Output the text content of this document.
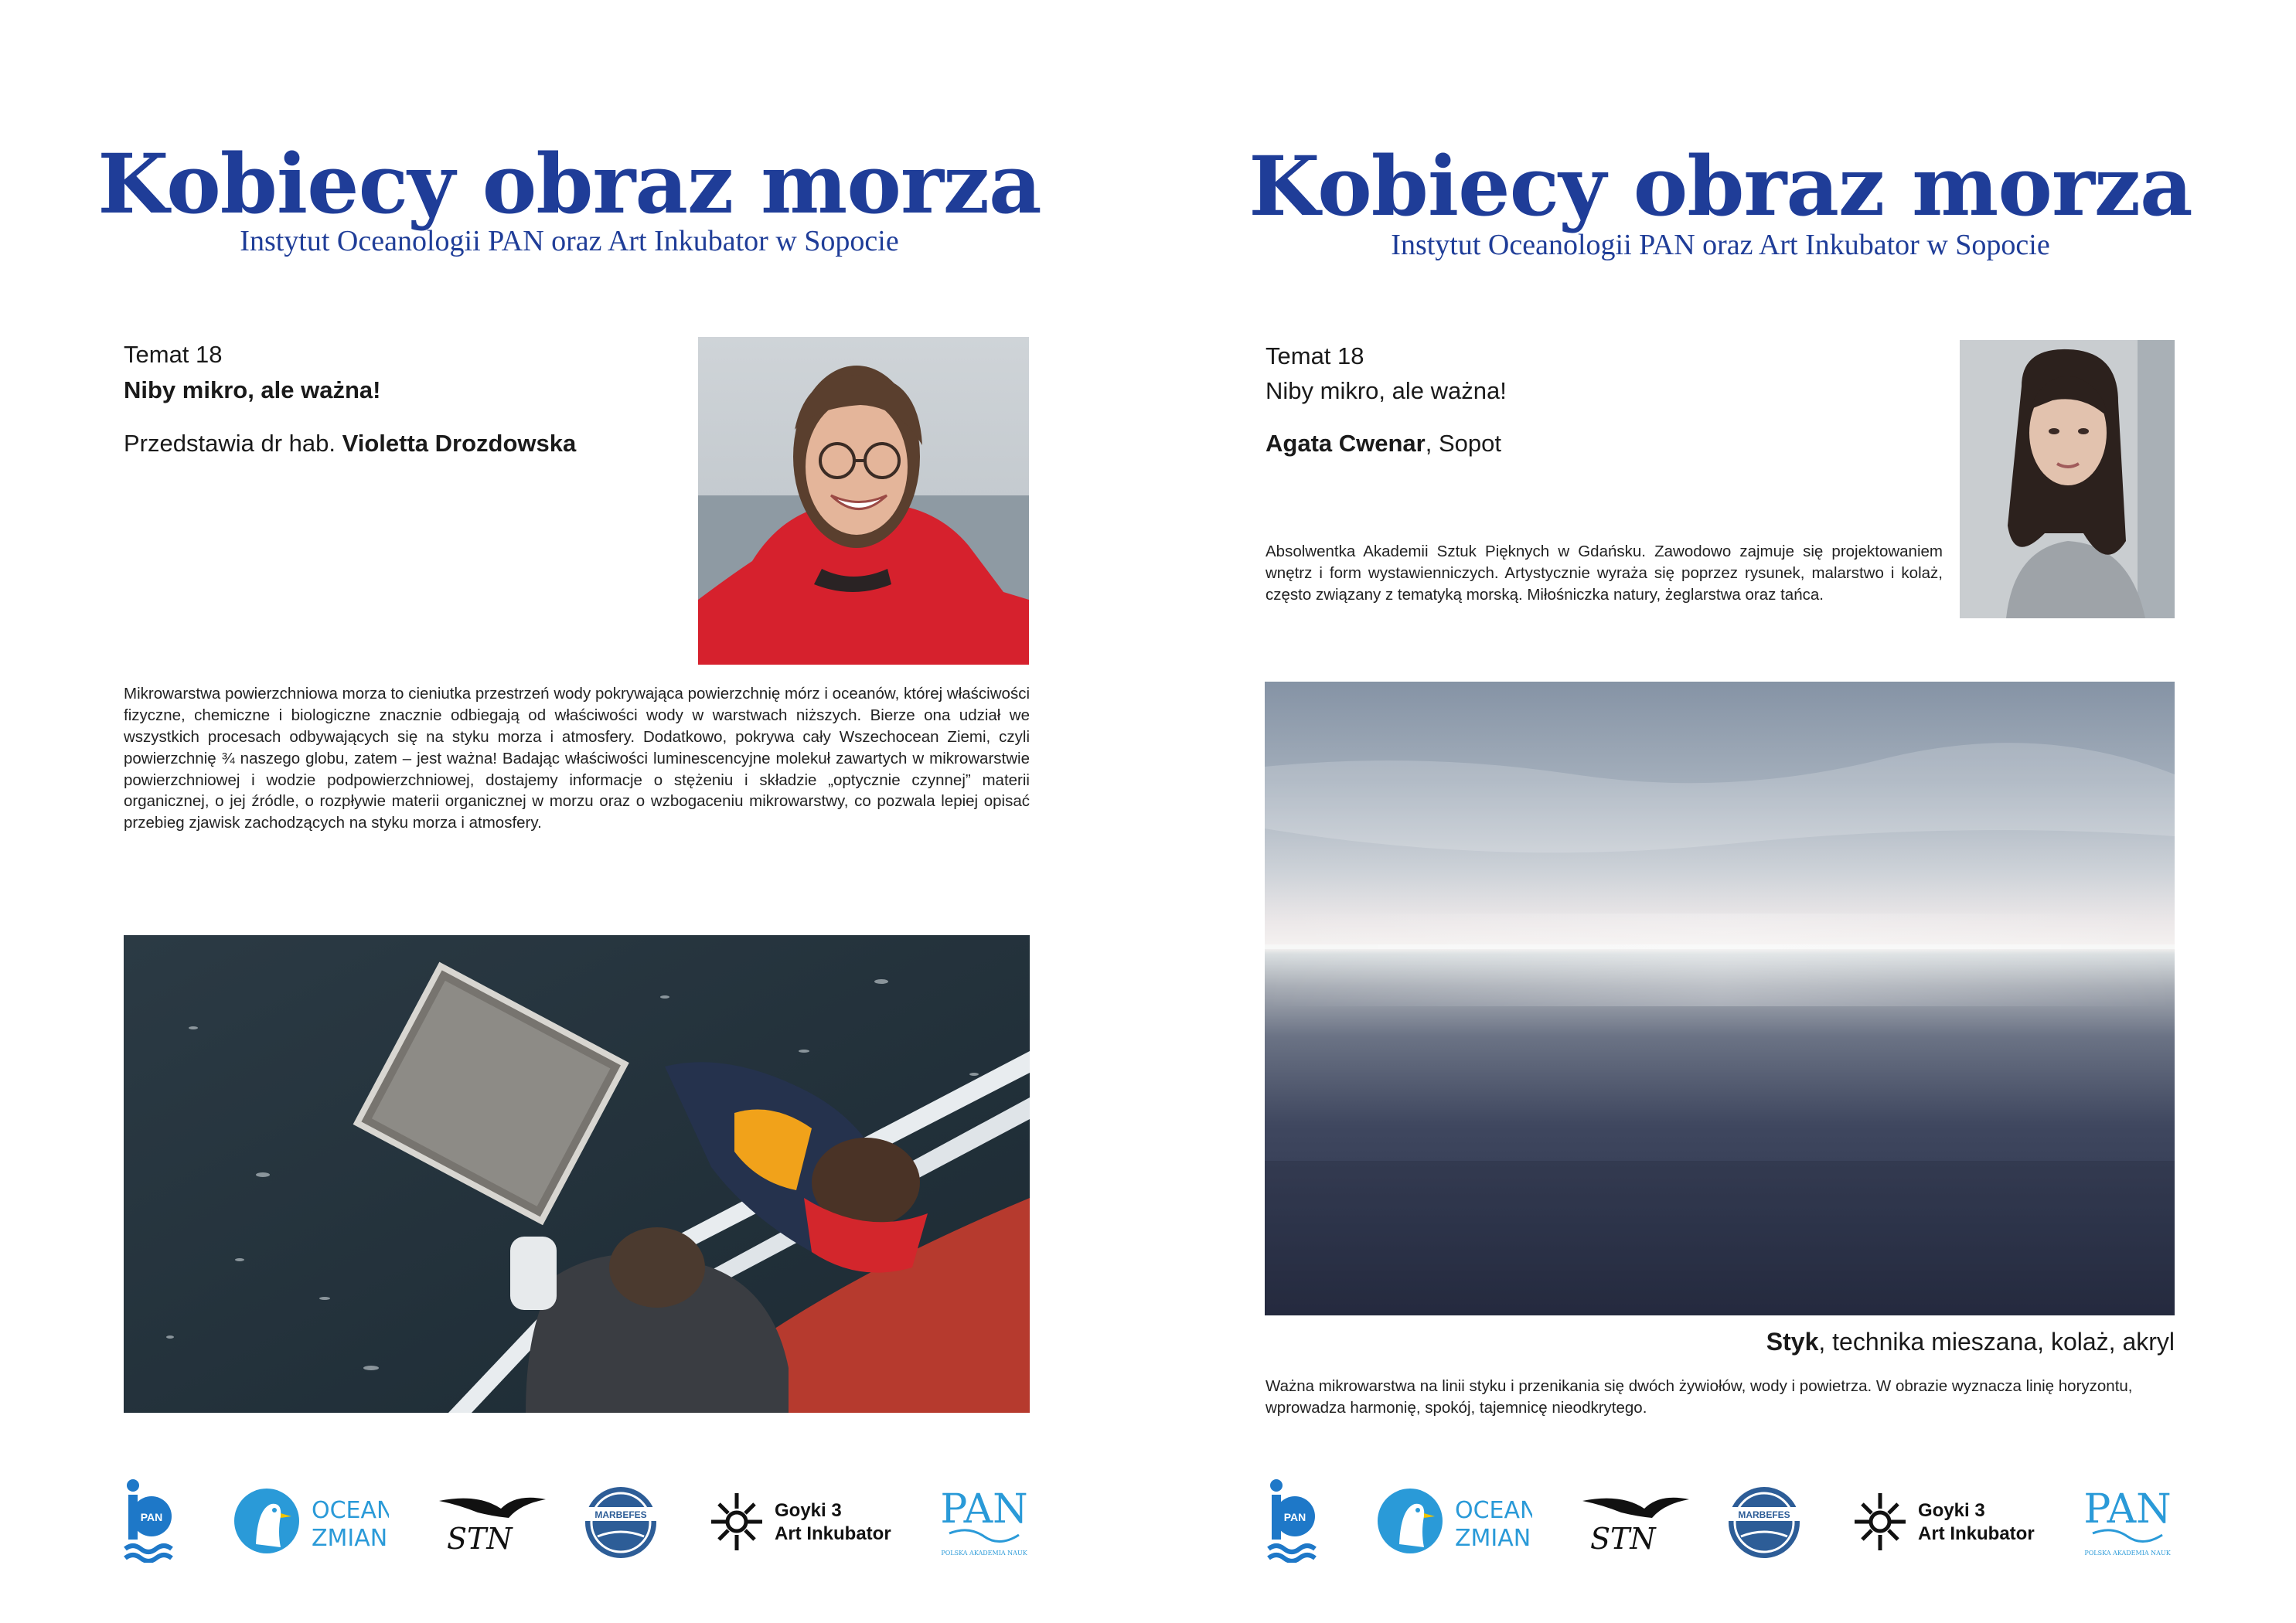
Kobiecy obraz morza
Instytut Oceanologii PAN oraz Art Inkubator w Sopocie
Temat 18
Niby mikro, ale ważna!
Przedstawia dr hab. Violetta Drozdowska
Mikrowarstwa powierzchniowa morza to cieniutka przestrzeń wody pokrywająca powierzchnię mórz i oceanów, której właściwości fizyczne, chemiczne i biologiczne znacznie odbiegają od właściwości wody w warstwach niższych. Bierze ona udział we wszystkich procesach odbywających się na styku morza i atmosfery. Dodatkowo, pokrywa cały Wszechocean Ziemi, czyli powierzchnię ¾ naszego globu, zatem – jest ważna! Badając właściwości luminescencyjne molekuł zawartych w mikrowarstwie powierzchniowej i wodzie podpowierzchniowej, dostajemy informacje o stężeniu i składzie „optycznie czynnej” materii organicznej, o jej źródle, o rozpływie materii organicznej w morzu oraz o wzbogaceniu mikrowarstwy, co pozwala lepiej opisać przebieg zjawisk zachodzących na styku morza i atmosfery.
PAN	OCEAN
ZMIAN STN
MARBEFES	Goyki 3
Art Inkubator
PAN
POLSKA AKADEMIA NAUK
Kobiecy obraz morza
Instytut Oceanologii PAN oraz Art Inkubator w Sopocie
Temat 18
Niby mikro, ale ważna!
Agata Cwenar, Sopot
Absolwentka Akademii Sztuk Pięknych w Gdańsku. Zawodowo zajmuje się projektowaniem wnętrz i form wystawienniczych. Artystycznie wyraża się poprzez rysunek, malarstwo i kolaż, często związany z tematyką morską. Miłośniczka natury, żeglarstwa oraz tańca.
Styk, technika mieszana, kolaż, akryl
Ważna mikrowarstwa na linii styku i przenikania się dwóch żywiołów, wody i powietrza. W obrazie wyznacza linię horyzontu, wprowadza harmonię, spokój, tajemnicę nieodkrytego.
PAN	OCEAN
ZMIAN STN
MARBEFES	Goyki 3
Art Inkubator
PAN
POLSKA AKADEMIA NAUK
